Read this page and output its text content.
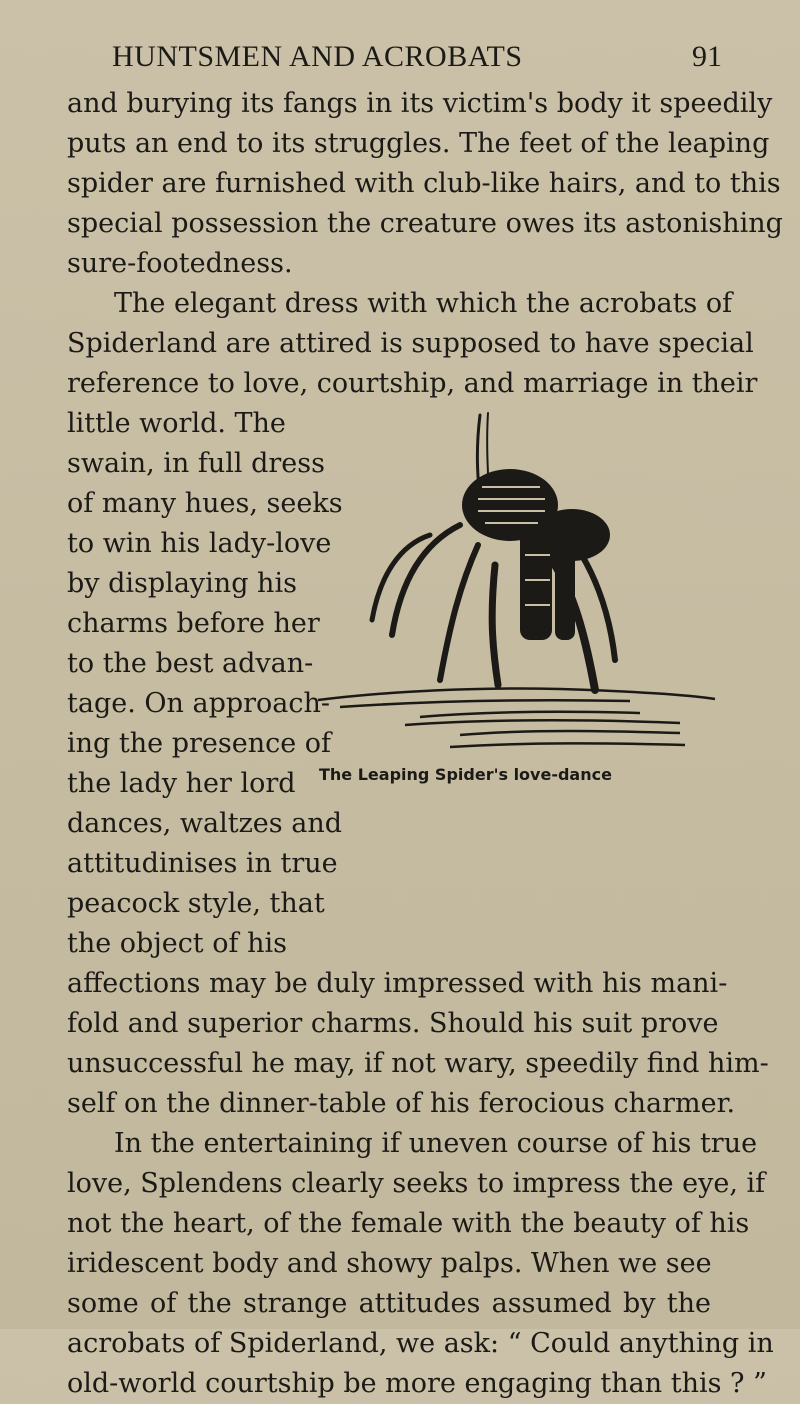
HUNTSMEN AND ACROBATS	91
and burying its fangs in its victim's body it speedily
puts an end to its struggles. The feet of the leaping
spider are furnished with club-like hairs, and to this
special possession the creature owes its astonishing
sure-footedness.
The elegant dress with which the acrobats of
Spiderland are attired is supposed to have special
reference to love, courtship, and marriage in their
little world. The
swain, in full dress
of many hues, seeks
to win his lady-love
by displaying his
charms before her
to the best advan-
tage. On approach-
ing the presence of
the lady her lord
dances, waltzes and
attitudinises in true
peacock style, that
the object of his
affections may be duly impressed with his mani-
fold and superior charms. Should his suit prove
unsuccessful he may, if not wary, speedily find him-
self on the dinner-table of his ferocious charmer.
In the entertaining if uneven course of his true
love, Splendens clearly seeks to impress the eye, if
not the heart, of the female with the beauty of his
iridescent body and showy palps. When we see
some of the strange attitudes assumed by the
acrobats of Spiderland, we ask: “ Could anything in
old-world courtship be more engaging than this ? ”
The Leaping Spider's love-dance
